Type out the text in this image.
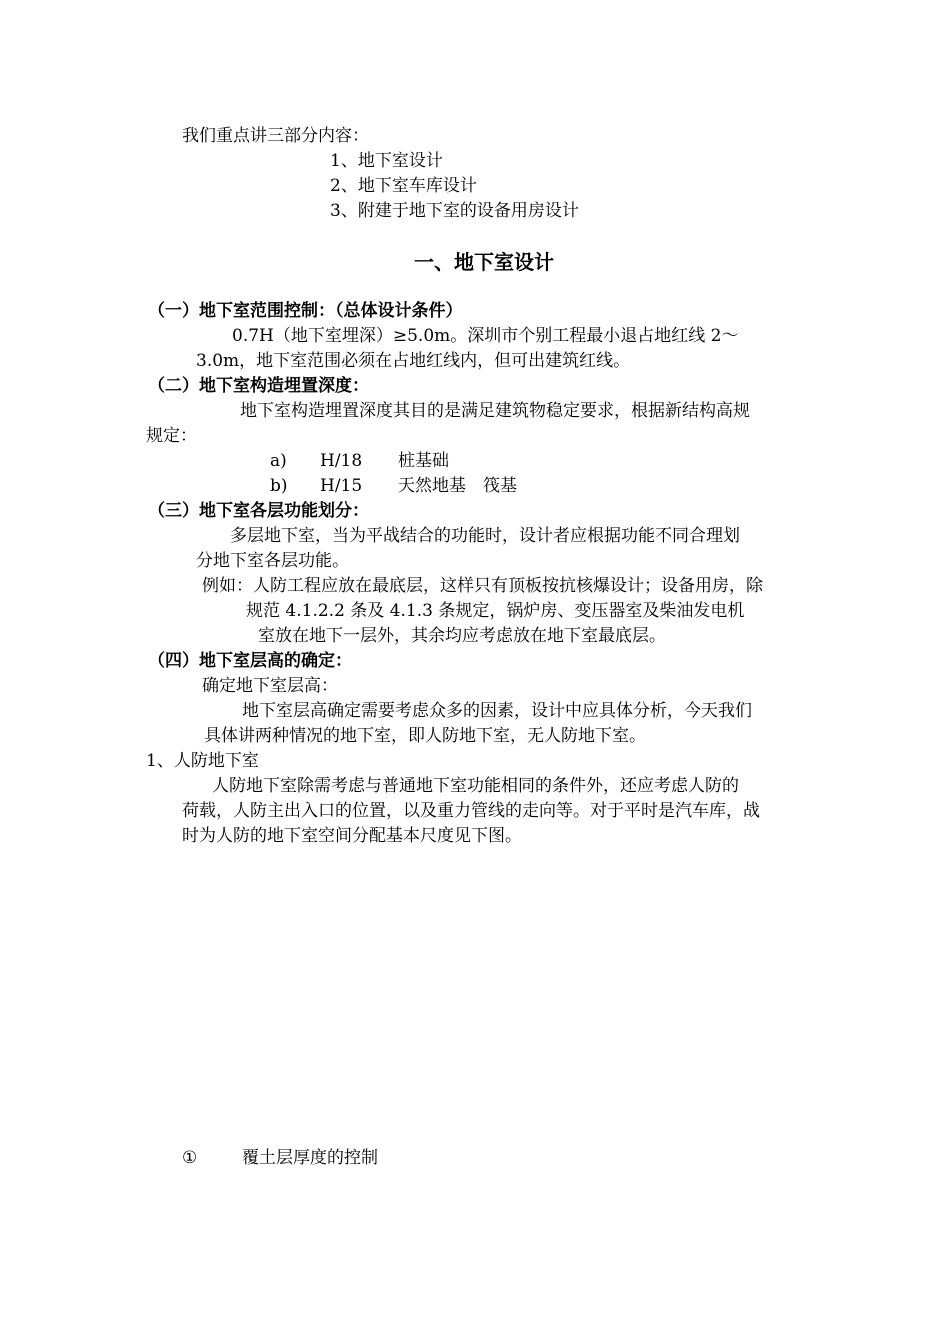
我们重点讲三部分内容：
1、地下室设计
2、地下室车库设计
3、附建于地下室的设备用房设计
一、地下室设计
（一）地下室范围控制：（总体设计条件）
0.7H（地下室埋深）≥5.0m。深圳市个别工程最小退占地红线 2～
3.0m，地下室范围必须在占地红线内，但可出建筑红线。
（二）地下室构造埋置深度：
地下室构造埋置深度其目的是满足建筑物稳定要求，根据新结构高规
规定：
a) H/18 桩基础
b) H/15 天然地基　筏基
（三）地下室各层功能划分：
多层地下室，当为平战结合的功能时，设计者应根据功能不同合理划
分地下室各层功能。
例如：人防工程应放在最底层，这样只有顶板按抗核爆设计；设备用房，除
规范 4.1.2.2 条及 4.1.3 条规定，锅炉房、变压器室及柴油发电机
室放在地下一层外，其余均应考虑放在地下室最底层。
（四）地下室层高的确定：
确定地下室层高：
地下室层高确定需要考虑众多的因素，设计中应具体分析，今天我们
具体讲两种情况的地下室，即人防地下室，无人防地下室。
1、人防地下室
人防地下室除需考虑与普通地下室功能相同的条件外，还应考虑人防的
荷载，人防主出入口的位置，以及重力管线的走向等。对于平时是汽车库，战
时为人防的地下室空间分配基本尺度见下图。
①	覆土层厚度的控制
